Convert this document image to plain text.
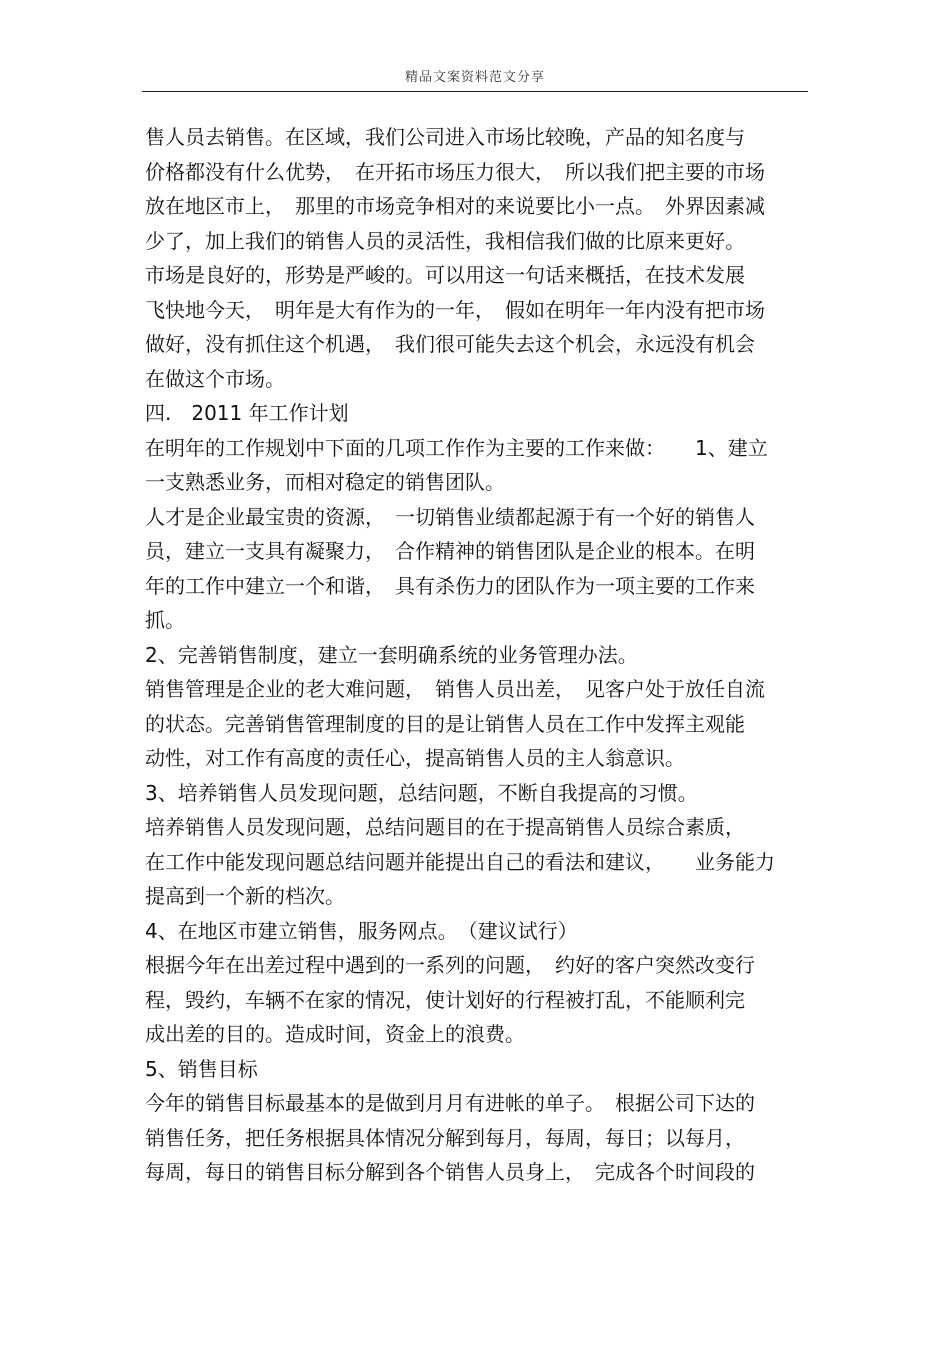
精品文案资料范文分享
售人员去销售。在区域，我们公司进入市场比较晚，产品的知名度与
价格都没有什么优势，　在开拓市场压力很大，　所以我们把主要的市场
放在地区市上，　那里的市场竞争相对的来说要比小一点。　外界因素减
少了，加上我们的销售人员的灵活性，我相信我们做的比原来更好。
市场是良好的，形势是严峻的。可以用这一句话来概括，在技术发展
飞快地今天，　明年是大有作为的一年，　假如在明年一年内没有把市场
做好，没有抓住这个机遇，　我们很可能失去这个机会，永远没有机会
在做这个市场。
四.　2011 年工作计划
在明年的工作规划中下面的几项工作作为主要的工作来做：　　1、建立
一支熟悉业务，而相对稳定的销售团队。
人才是企业最宝贵的资源，　一切销售业绩都起源于有一个好的销售人
员，建立一支具有凝聚力，　合作精神的销售团队是企业的根本。在明
年的工作中建立一个和谐，　具有杀伤力的团队作为一项主要的工作来
抓。
2、完善销售制度，建立一套明确系统的业务管理办法。
销售管理是企业的老大难问题，　销售人员出差，　见客户处于放任自流
的状态。完善销售管理制度的目的是让销售人员在工作中发挥主观能
动性，对工作有高度的责任心，提高销售人员的主人翁意识。
3、培养销售人员发现问题，总结问题，不断自我提高的习惯。
培养销售人员发现问题，总结问题目的在于提高销售人员综合素质，
在工作中能发现问题总结问题并能提出自己的看法和建议，　　业务能力
提高到一个新的档次。
4、在地区市建立销售，服务网点。　（建议试行）
根据今年在出差过程中遇到的一系列的问题，　约好的客户突然改变行
程，毁约，车辆不在家的情况，使计划好的行程被打乱，不能顺利完
成出差的目的。造成时间，资金上的浪费。
5、销售目标
今年的销售目标最基本的是做到月月有进帐的单子。　根据公司下达的
销售任务，把任务根据具体情况分解到每月，每周，每日；以每月，
每周，每日的销售目标分解到各个销售人员身上，　完成各个时间段的
